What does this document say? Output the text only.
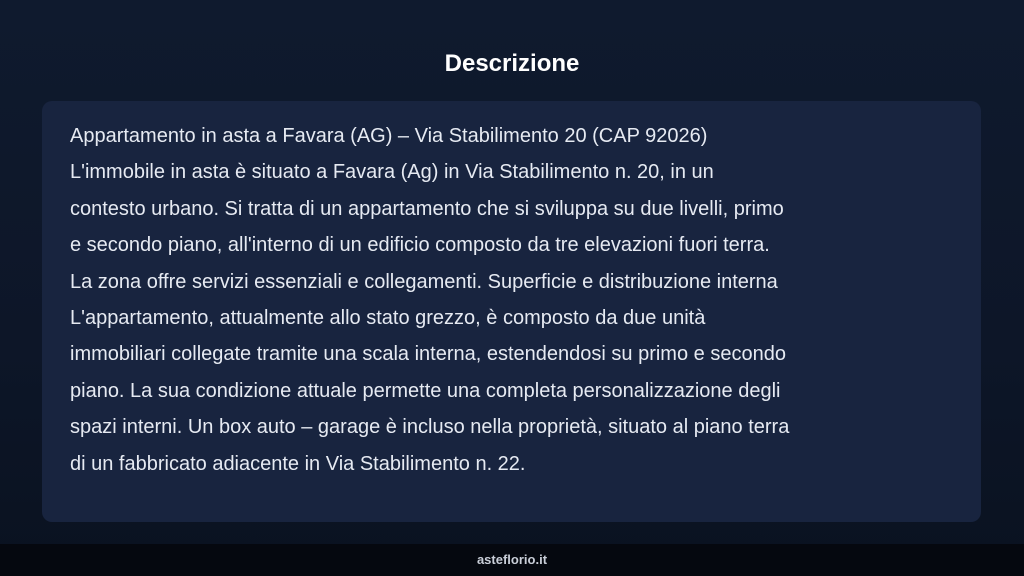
Descrizione

Appartamento in asta a Favara (AG) – Via Stabilimento 20 (CAP 92026)
L'immobile in asta è situato a Favara (Ag) in Via Stabilimento n. 20, in un
contesto urbano. Si tratta di un appartamento che si sviluppa su due livelli, primo
e secondo piano, all'interno di un edificio composto da tre elevazioni fuori terra.
La zona offre servizi essenziali e collegamenti. Superficie e distribuzione interna
L'appartamento, attualmente allo stato grezzo, è composto da due unità
immobiliari collegate tramite una scala interna, estendendosi su primo e secondo
piano. La sua condizione attuale permette una completa personalizzazione degli
spazi interni. Un box auto – garage è incluso nella proprietà, situato al piano terra
di un fabbricato adiacente in Via Stabilimento n. 22.

asteflorio.it
